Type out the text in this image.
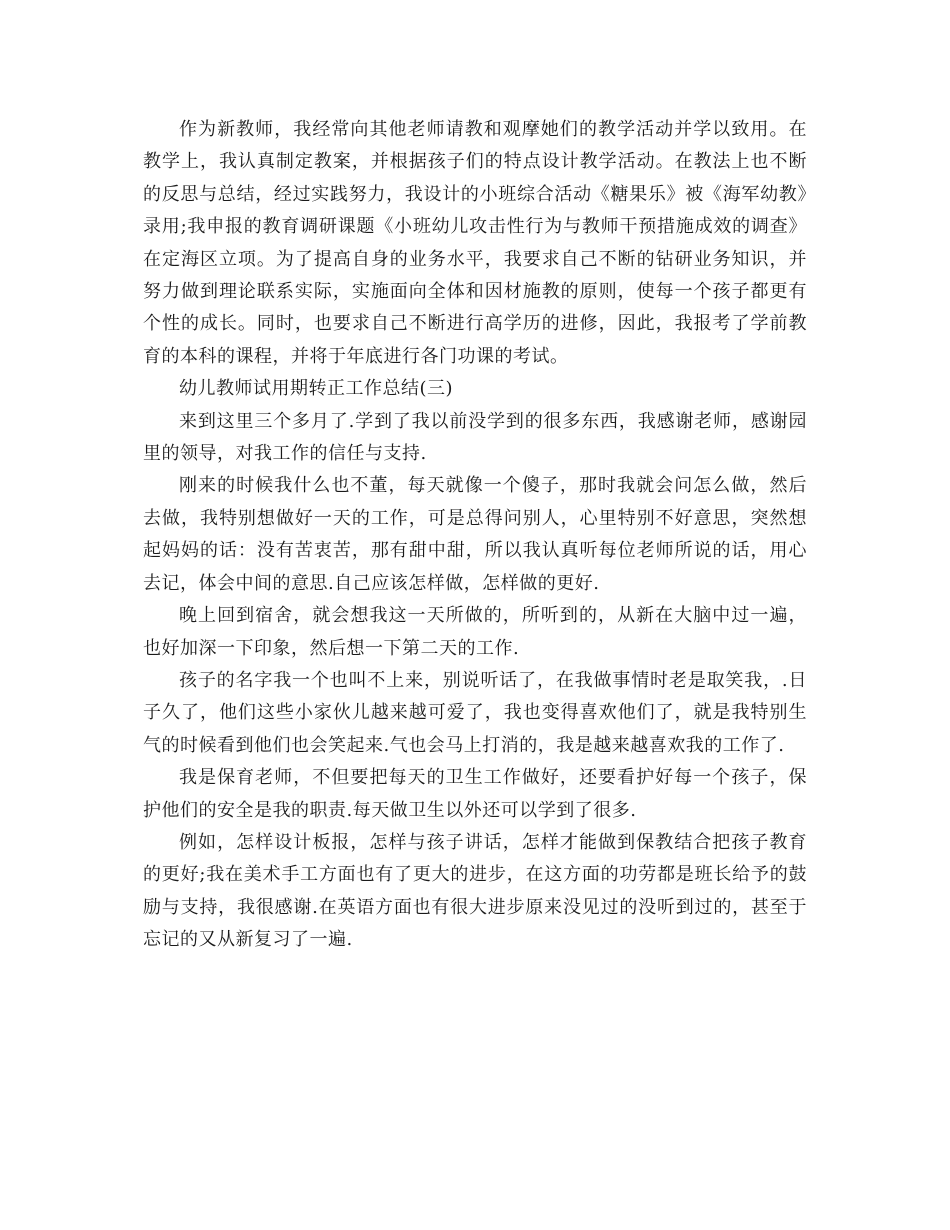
作为新教师，我经常向其他老师请教和观摩她们的教学活动并学以致用。在教学上，我认真制定教案，并根据孩子们的特点设计教学活动。在教法上也不断的反思与总结，经过实践努力，我设计的小班综合活动《糖果乐》被《海军幼教》录用;我申报的教育调研课题《小班幼儿攻击性行为与教师干预措施成效的调查》在定海区立项。为了提高自身的业务水平，我要求自己不断的钻研业务知识，并努力做到理论联系实际，实施面向全体和因材施教的原则，使每一个孩子都更有个性的成长。同时，也要求自己不断进行高学历的进修，因此，我报考了学前教育的本科的课程，并将于年底进行各门功课的考试。

幼儿教师试用期转正工作总结(三)

来到这里三个多月了.学到了我以前没学到的很多东西，我感谢老师，感谢园里的领导，对我工作的信任与支持.

刚来的时候我什么也不董，每天就像一个傻子，那时我就会问怎么做，然后去做，我特别想做好一天的工作，可是总得问别人，心里特别不好意思，突然想起妈妈的话：没有苦衷苦，那有甜中甜，所以我认真听每位老师所说的话，用心去记，体会中间的意思.自己应该怎样做，怎样做的更好.

晚上回到宿舍，就会想我这一天所做的，所听到的，从新在大脑中过一遍，也好加深一下印象，然后想一下第二天的工作.

孩子的名字我一个也叫不上来，别说听话了，在我做事情时老是取笑我，.日子久了，他们这些小家伙儿越来越可爱了，我也变得喜欢他们了，就是我特别生气的时候看到他们也会笑起来.气也会马上打消的，我是越来越喜欢我的工作了.

我是保育老师，不但要把每天的卫生工作做好，还要看护好每一个孩子，保护他们的安全是我的职责.每天做卫生以外还可以学到了很多.

例如，怎样设计板报，怎样与孩子讲话，怎样才能做到保教结合把孩子教育的更好;我在美术手工方面也有了更大的进步，在这方面的功劳都是班长给予的鼓励与支持，我很感谢.在英语方面也有很大进步原来没见过的没听到过的，甚至于忘记的又从新复习了一遍.
